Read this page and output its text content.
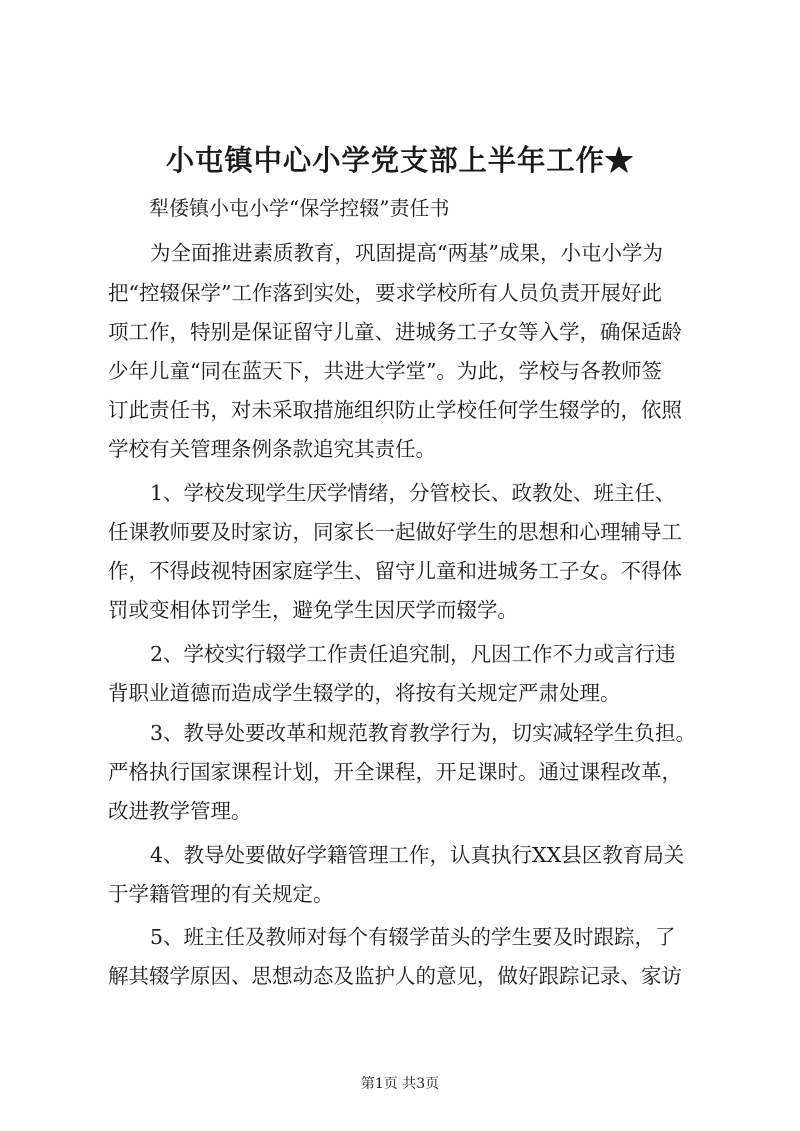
小屯镇中心小学党支部上半年工作★
犁倭镇小屯小学“保学控辍”责任书
为全面推进素质教育，巩固提高“两基”成果，小屯小学为
把“控辍保学”工作落到实处，要求学校所有人员负责开展好此
项工作，特别是保证留守儿童、进城务工子女等入学，确保适龄
少年儿童“同在蓝天下，共进大学堂”。为此，学校与各教师签
订此责任书，对未采取措施组织防止学校任何学生辍学的，依照
学校有关管理条例条款追究其责任。
1、学校发现学生厌学情绪，分管校长、政教处、班主任、
任课教师要及时家访，同家长一起做好学生的思想和心理辅导工
作，不得歧视特困家庭学生、留守儿童和进城务工子女。不得体
罚或变相体罚学生，避免学生因厌学而辍学。
2、学校实行辍学工作责任追究制，凡因工作不力或言行违
背职业道德而造成学生辍学的，将按有关规定严肃处理。
3、教导处要改革和规范教育教学行为，切实减轻学生负担。
严格执行国家课程计划，开全课程，开足课时。通过课程改革，
改进教学管理。
4、教导处要做好学籍管理工作，认真执行XX县区教育局关
于学籍管理的有关规定。
5、班主任及教师对每个有辍学苗头的学生要及时跟踪，了
解其辍学原因、思想动态及监护人的意见，做好跟踪记录、家访
第1页 共3页
